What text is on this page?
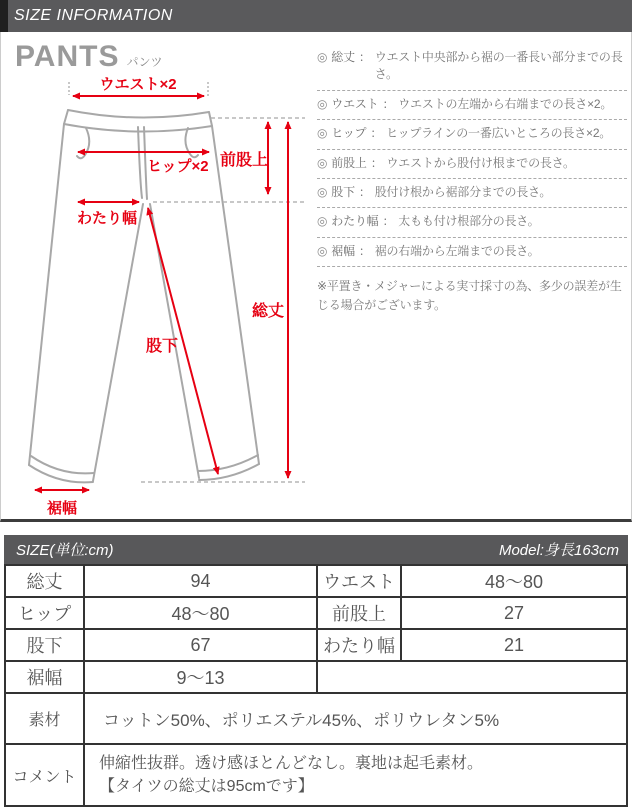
SIZE INFORMATION
PANTS パンツ
ウエスト×2
ヒップ×2 前股上
わたり幅
総丈
股下
裾幅
◎ 総丈 ： ウエスト中央部から裾の一番長い部分までの長さ。
◎ ウエスト ： ウエストの左端から右端までの長さ×2。
◎ ヒップ ： ヒップラインの一番広いところの長さ×2。
◎ 前股上 ： ウエストから股付け根までの長さ。
◎ 股下 ： 股付け根から裾部分までの長さ。
◎ わたり幅 ： 太もも付け根部分の長さ。
◎ 裾幅 ： 裾の右端から左端までの長さ。
※平置き・メジャーによる実寸採寸の為、多少の誤差が生じる場合がございます。
SIZE(単位:cm)	Model:身長163cm
総丈	94	ウエスト	48〜80
ヒップ	48〜80	前股上	27
股下	67	わたり幅	21
裾幅	9〜13		
素材	コットン50%、ポリエステル45%、ポリウレタン5%		
コメント	伸縮性抜群。透け感ほとんどなし。裏地は起毛素材。
【タイツの総丈は95cmです】		
